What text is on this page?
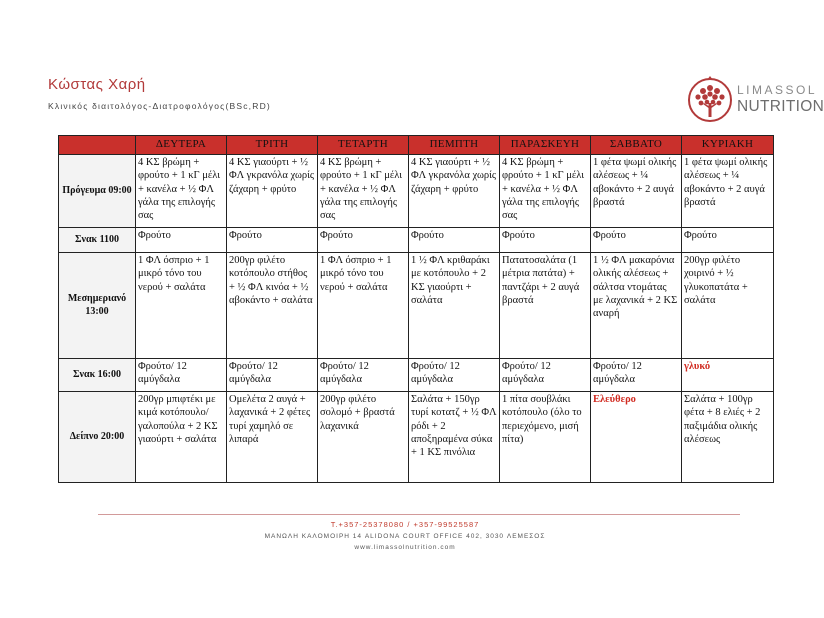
Κώστας Χαρή
Κλινικός διαιτολόγος-Διατροφολόγος(BSc,RD)
LIMASSOL
NUTRITION
	ΔΕΥΤΕΡΑ	ΤΡΙΤΗ	ΤΕΤΑΡΤΗ	ΠΕΜΠΤΗ	ΠΑΡΑΣΚΕΥΗ	ΣΑΒΒΑΤΟ	ΚΥΡΙΑΚΗ
Πρόγευμα 09:00	4 ΚΣ βρώμη + φρούτο + 1 κΓ μέλι + κανέλα + ½ ΦΛ γάλα της επιλογής σας	4 ΚΣ γιαούρτι + ½ ΦΛ γκρανόλα χωρίς ζάχαρη + φρύτο	4 ΚΣ βρώμη + φρούτο + 1 κΓ μέλι + κανέλα + ½ ΦΛ γάλα της επιλογής σας	4 ΚΣ γιαούρτι + ½ ΦΛ γκρανόλα χωρίς ζάχαρη + φρύτο	4 ΚΣ βρώμη + φρούτο + 1 κΓ μέλι + κανέλα + ½ ΦΛ γάλα της επιλογής σας	1 φέτα ψωμί ολικής αλέσεως + ¼ αβοκάντο + 2 αυγά βραστά	1 φέτα ψωμί ολικής αλέσεως + ¼ αβοκάντο + 2 αυγά βραστά
Σνακ 1100	Φρούτο	Φρούτο	Φρούτο	Φρούτο	Φρούτο	Φρούτο	Φρούτο
Μεσημεριανό 13:00	1 ΦΛ όσπριο + 1 μικρό τόνο του νερού + σαλάτα	200γρ φιλέτο κοτόπουλο στήθος + ½ ΦΛ κινόα + ½ αβοκάντο + σαλάτα	1 ΦΛ όσπριο + 1 μικρό τόνο του νερού + σαλάτα	1 ½ ΦΛ κριθαράκι με κοτόπουλο + 2 ΚΣ γιαούρτι + σαλάτα	Πατατοσαλάτα (1 μέτρια πατάτα) + παντζάρι + 2 αυγά βραστά	1 ½ ΦΛ μακαρόνια ολικής αλέσεως + σάλτσα ντομάτας με λαχανικά + 2 ΚΣ αναρή	200γρ φιλέτο χοιρινό + ½ γλυκοπατάτα + σαλάτα
Σνακ 16:00	Φρούτο/ 12 αμύγδαλα	Φρούτο/ 12 αμύγδαλα	Φρούτο/ 12 αμύγδαλα	Φρούτο/ 12 αμύγδαλα	Φρούτο/ 12 αμύγδαλα	Φρούτο/ 12 αμύγδαλα	γλυκό
Δείπνο 20:00	200γρ μπιφτέκι με κιμά κοτόπουλο/ γαλοπούλα + 2 ΚΣ γιαούρτι + σαλάτα	Ομελέτα 2 αυγά + λαχανικά + 2 φέτες τυρί χαμηλό σε λιπαρά	200γρ φιλέτο σολομό + βραστά λαχανικά	Σαλάτα + 150γρ τυρί κοτατζ + ½ ΦΛ ρόδι + 2 αποξηραμένα σύκα + 1 ΚΣ πινόλια	1 πίτα σουβλάκι κοτόπουλο (όλο το περιεχόμενο, μισή πίτα)	Ελεύθερο	Σαλάτα + 100γρ φέτα + 8 ελιές + 2 παξιμάδια ολικής αλέσεως
T.+357-25378080 / +357-99525587
ΜΑΝΩΛΗ ΚΑΛΟΜΟΙΡΗ 14 ALIDONA COURT OFFICE 402, 3030 ΛΕΜΕΣΟΣ
www.limassolnutrition.com
